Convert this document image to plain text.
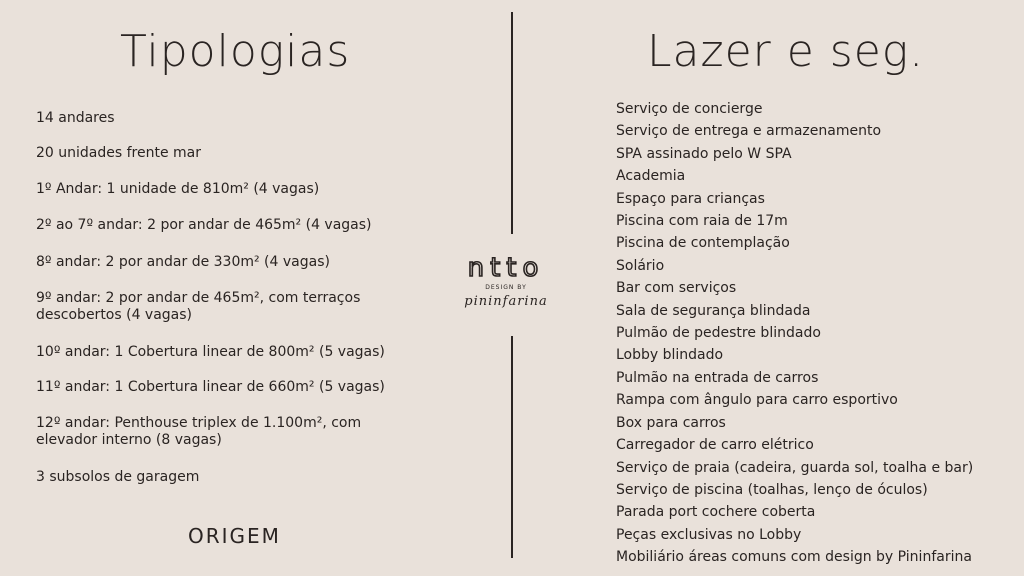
Tipologias	Lazer e seg.
14 andares
20 unidades frente mar
1º Andar: 1 unidade de 810m² (4 vagas)
2º ao 7º andar: 2 por andar de 465m² (4 vagas)
8º andar: 2 por andar de 330m² (4 vagas)
9º andar: 2 por andar de 465m², com terraços descobertos (4 vagas)
10º andar: 1 Cobertura linear de 800m² (5 vagas)
11º andar: 1 Cobertura linear de 660m² (5 vagas)
12º andar: Penthouse triplex de 1.100m², com elevador interno (8 vagas)
3 subsolos de garagem
ORIGEM
ntto
DESIGN BY
pininfarina
Serviço de concierge
Serviço de entrega e armazenamento
SPA assinado pelo W SPA
Academia
Espaço para crianças
Piscina com raia de 17m
Piscina de contemplação
Solário
Bar com serviços
Sala de segurança blindada
Pulmão de pedestre blindado
Lobby blindado
Pulmão na entrada de carros
Rampa com ângulo para carro esportivo
Box para carros
Carregador de carro elétrico
Serviço de praia (cadeira, guarda sol, toalha e bar)
Serviço de piscina (toalhas, lenço de óculos)
Parada port cochere coberta
Peças exclusivas no Lobby
Mobiliário áreas comuns com design by Pininfarina
